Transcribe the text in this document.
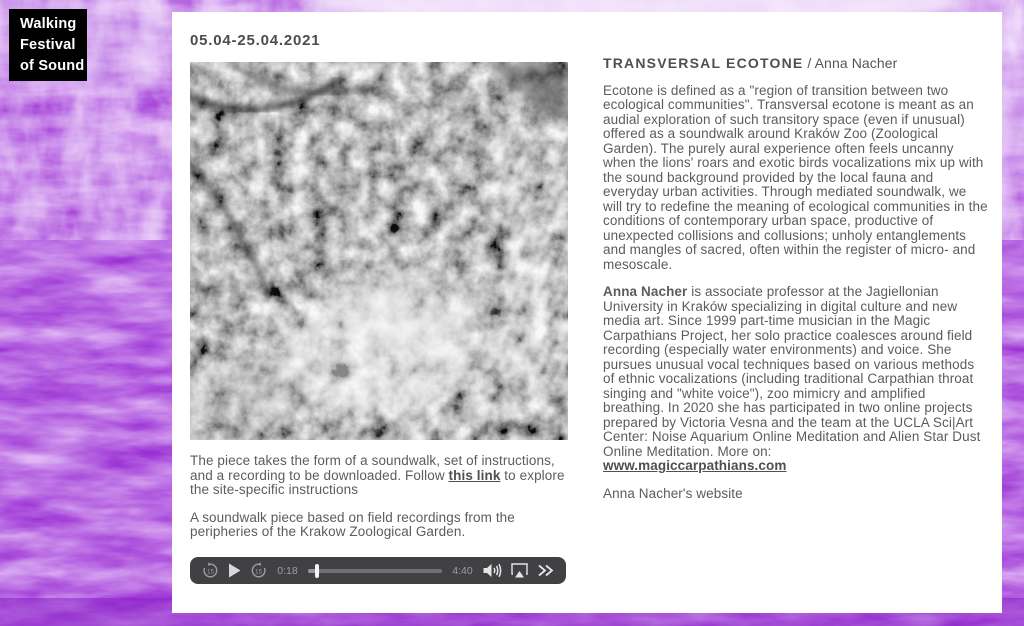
Walking
Festival
of Sound
05.04-25.04.2021

The piece takes the form of a soundwalk, set of instructions, and a recording to be downloaded. Follow this link to explore the site-specific instructions

A soundwalk piece based on field recordings from the peripheries of the Krakow Zoological Garden.

15	15 0:18	4:40
TRANSVERSAL ECOTONE / Anna Nacher

Ecotone is defined as a "region of transition between two ecological communities". Transversal ecotone is meant as an audial exploration of such transitory space (even if unusual) offered as a soundwalk around Kraków Zoo (Zoological Garden). The purely aural experience often feels uncanny when the lions' roars and exotic birds vocalizations mix up with the sound background provided by the local fauna and everyday urban activities. Through mediated soundwalk, we will try to redefine the meaning of ecological communities in the conditions of contemporary urban space, productive of unexpected collisions and collusions; unholy entanglements and mangles of sacred, often within the register of micro- and mesoscale.

Anna Nacher is associate professor at the Jagiellonian University in Kraków specializing in digital culture and new media art. Since 1999 part-time musician in the Magic Carpathians Project, her solo practice coalesces around field recording (especially water environments) and voice. She pursues unusual vocal techniques based on various methods of ethnic vocalizations (including traditional Carpathian throat singing and "white voice"), zoo mimicry and amplified breathing. In 2020 she has participated in two online projects prepared by Victoria Vesna and the team at the UCLA Sci|Art Center: Noise Aquarium Online Meditation and Alien Star Dust Online Meditation. More on:
www.magiccarpathians.com

Anna Nacher's website
